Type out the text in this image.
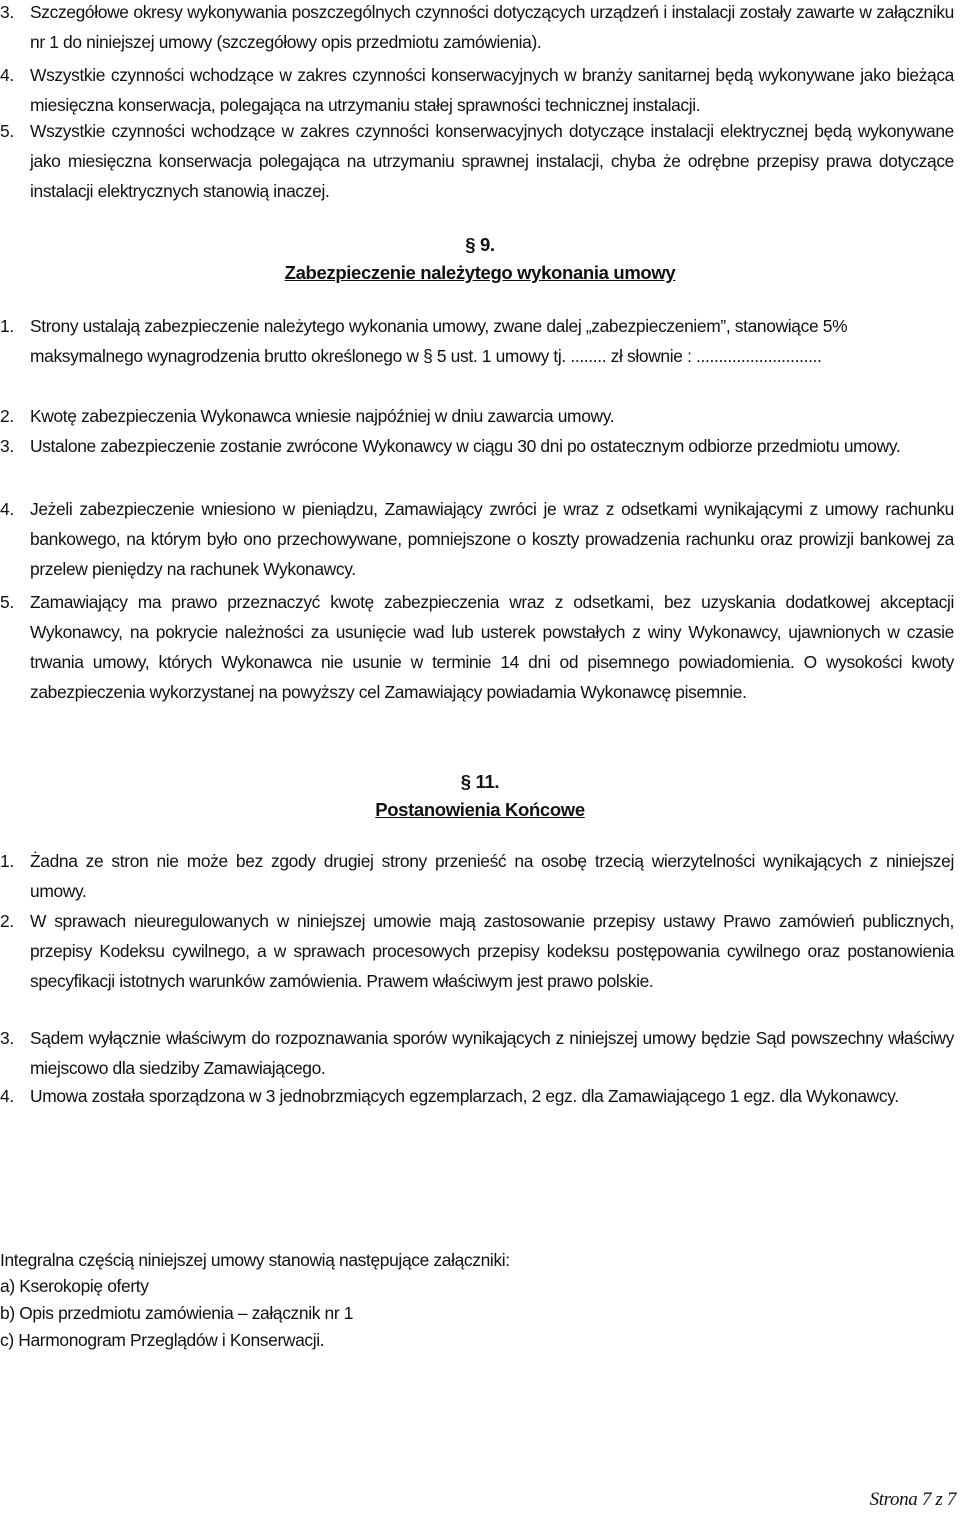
3. Szczegółowe okresy wykonywania poszczególnych czynności dotyczących urządzeń i instalacji zostały zawarte w załączniku nr 1 do niniejszej umowy (szczegółowy opis przedmiotu zamówienia).
4. Wszystkie czynności wchodzące w zakres czynności konserwacyjnych w branży sanitarnej będą wykonywane jako bieżąca miesięczna konserwacja, polegająca na utrzymaniu stałej sprawności technicznej instalacji.
5. Wszystkie czynności wchodzące w zakres czynności konserwacyjnych dotyczące instalacji elektrycznej będą wykonywane jako miesięczna konserwacja polegająca na utrzymaniu sprawnej instalacji, chyba że odrębne przepisy prawa dotyczące instalacji elektrycznych stanowią inaczej.
§ 9.
Zabezpieczenie należytego wykonania umowy
1. Strony ustalają zabezpieczenie należytego wykonania umowy, zwane dalej „zabezpieczeniem”, stanowiące 5% maksymalnego wynagrodzenia brutto określonego w § 5 ust. 1 umowy tj. ........ zł słownie : ............................
2. Kwotę zabezpieczenia Wykonawca wniesie najpóźniej w dniu zawarcia umowy.
3. Ustalone zabezpieczenie zostanie zwrócone Wykonawcy w ciągu 30 dni po ostatecznym odbiorze przedmiotu umowy.
4. Jeżeli zabezpieczenie wniesiono w pieniądzu, Zamawiający zwróci je wraz z odsetkami wynikającymi z umowy rachunku bankowego, na którym było ono przechowywane, pomniejszone o koszty prowadzenia rachunku oraz prowizji bankowej za przelew pieniędzy na rachunek Wykonawcy.
5. Zamawiający ma prawo przeznaczyć kwotę zabezpieczenia wraz z odsetkami, bez uzyskania dodatkowej akceptacji Wykonawcy, na pokrycie należności za usunięcie wad lub usterek powstałych z winy Wykonawcy, ujawnionych w czasie trwania umowy, których Wykonawca nie usunie w terminie 14 dni od pisemnego powiadomienia. O wysokości kwoty zabezpieczenia wykorzystanej na powyższy cel Zamawiający powiadamia Wykonawcę pisemnie.
§ 11.
Postanowienia Końcowe
1. Żadna ze stron nie może bez zgody drugiej strony przenieść na osobę trzecią wierzytelności wynikających z niniejszej umowy.
2. W sprawach nieuregulowanych w niniejszej umowie mają zastosowanie przepisy ustawy Prawo zamówień publicznych, przepisy Kodeksu cywilnego, a w sprawach procesowych przepisy kodeksu postępowania cywilnego oraz postanowienia specyfikacji istotnych warunków zamówienia. Prawem właściwym jest prawo polskie.
3. Sądem wyłącznie właściwym do rozpoznawania sporów wynikających z niniejszej umowy będzie Sąd powszechny właściwy miejscowo dla siedziby Zamawiającego.
4. Umowa została sporządzona w 3 jednobrzmiących egzemplarzach, 2 egz. dla Zamawiającego 1 egz. dla Wykonawcy.
Integralna częścią niniejszej umowy stanowią następujące załączniki:
a) Kserokopię oferty
b) Opis przedmiotu zamówienia – załącznik nr 1
c) Harmonogram Przeglądów i Konserwacji.
Strona 7 z 7
